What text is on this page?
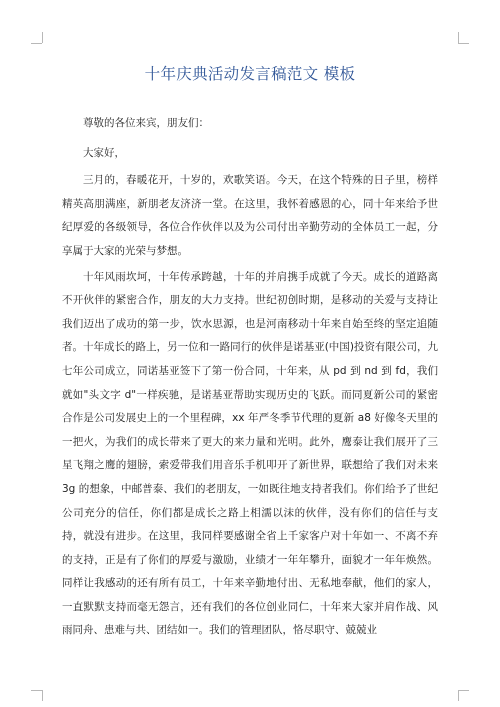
十年庆典活动发言稿范文 模板

尊敬的各位来宾，朋友们：

大家好，

三月的，春暖花开，十岁的，欢歌笑语。今天，在这个特殊的日子里，榜样精英高朋满座，新朋老友济济一堂。在这里，我怀着感恩的心，同十年来给予世纪厚爱的各级领导，各位合作伙伴以及为公司付出辛勤劳动的全体员工一起，分享属于大家的光荣与梦想。

十年风雨坎坷，十年传承跨越，十年的并肩携手成就了今天。成长的道路离不开伙伴的紧密合作，朋友的大力支持。世纪初创时期，是移动的关爱与支持让我们迈出了成功的第一步，饮水思源，也是河南移动十年来自始至终的坚定追随者。十年成长的路上，另一位和一路同行的伙伴是诺基亚(中国)投资有限公司，九七年公司成立，同诺基亚签下了第一份合同，十年来，从 pd 到 nd 到 fd，我们就如"头文字 d"一样疾驰，是诺基亚帮助实现历史的飞跃。而同夏新公司的紧密合作是公司发展史上的一个里程碑，xx 年严冬季节代理的夏新 a8 好像冬天里的一把火，为我们的成长带来了更大的来力量和光明。此外，鹰泰让我们展开了三星飞翔之鹰的翅膀，索爱带我们用音乐手机叩开了新世界，联想给了我们对未来 3g 的想象，中邮普泰、我们的老朋友，一如既往地支持者我们。你们给予了世纪公司充分的信任，你们都是成长之路上相濡以沫的伙伴，没有你们的信任与支持，就没有进步。在这里，我同样要感谢全省上千家客户对十年如一、不离不弃的支持，正是有了你们的厚爱与激励，业绩才一年年攀升，面貌才一年年焕然。同样让我感动的还有所有员工，十年来辛勤地付出、无私地奉献，他们的家人，一直默默支持而毫无怨言，还有我们的各位创业同仁，十年来大家并肩作战、风雨同舟、患难与共、团结如一。我们的管理团队，恪尽职守、兢兢业
